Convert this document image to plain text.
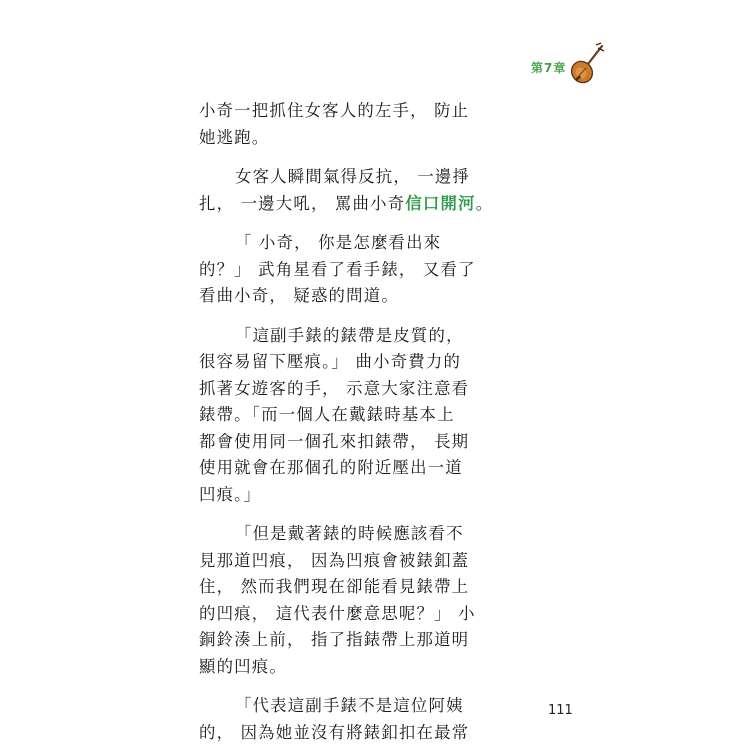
第7章
小奇一把抓住女客人的左手， 防止
她逃跑。
女客人瞬間氣得反抗， 一邊掙
扎， 一邊大吼， 罵曲小奇信口開河。
「 小奇， 你是怎麼看出來
的？」 武角星看了看手錶， 又看了
看曲小奇， 疑惑的問道。
「這副手錶的錶帶是皮質的，
很容易留下壓痕。」 曲小奇費力的
抓著女遊客的手， 示意大家注意看
錶帶。「而一個人在戴錶時基本上
都會使用同一個孔來扣錶帶， 長期
使用就會在那個孔的附近壓出一道
凹痕。」
「但是戴著錶的時候應該看不
見那道凹痕， 因為凹痕會被錶釦蓋
住， 然而我們現在卻能看見錶帶上
的凹痕， 這代表什麼意思呢？」 小
銅鈴湊上前， 指了指錶帶上那道明
顯的凹痕。
「代表這副手錶不是這位阿姨
的， 因為她並沒有將錶釦扣在最常
111
